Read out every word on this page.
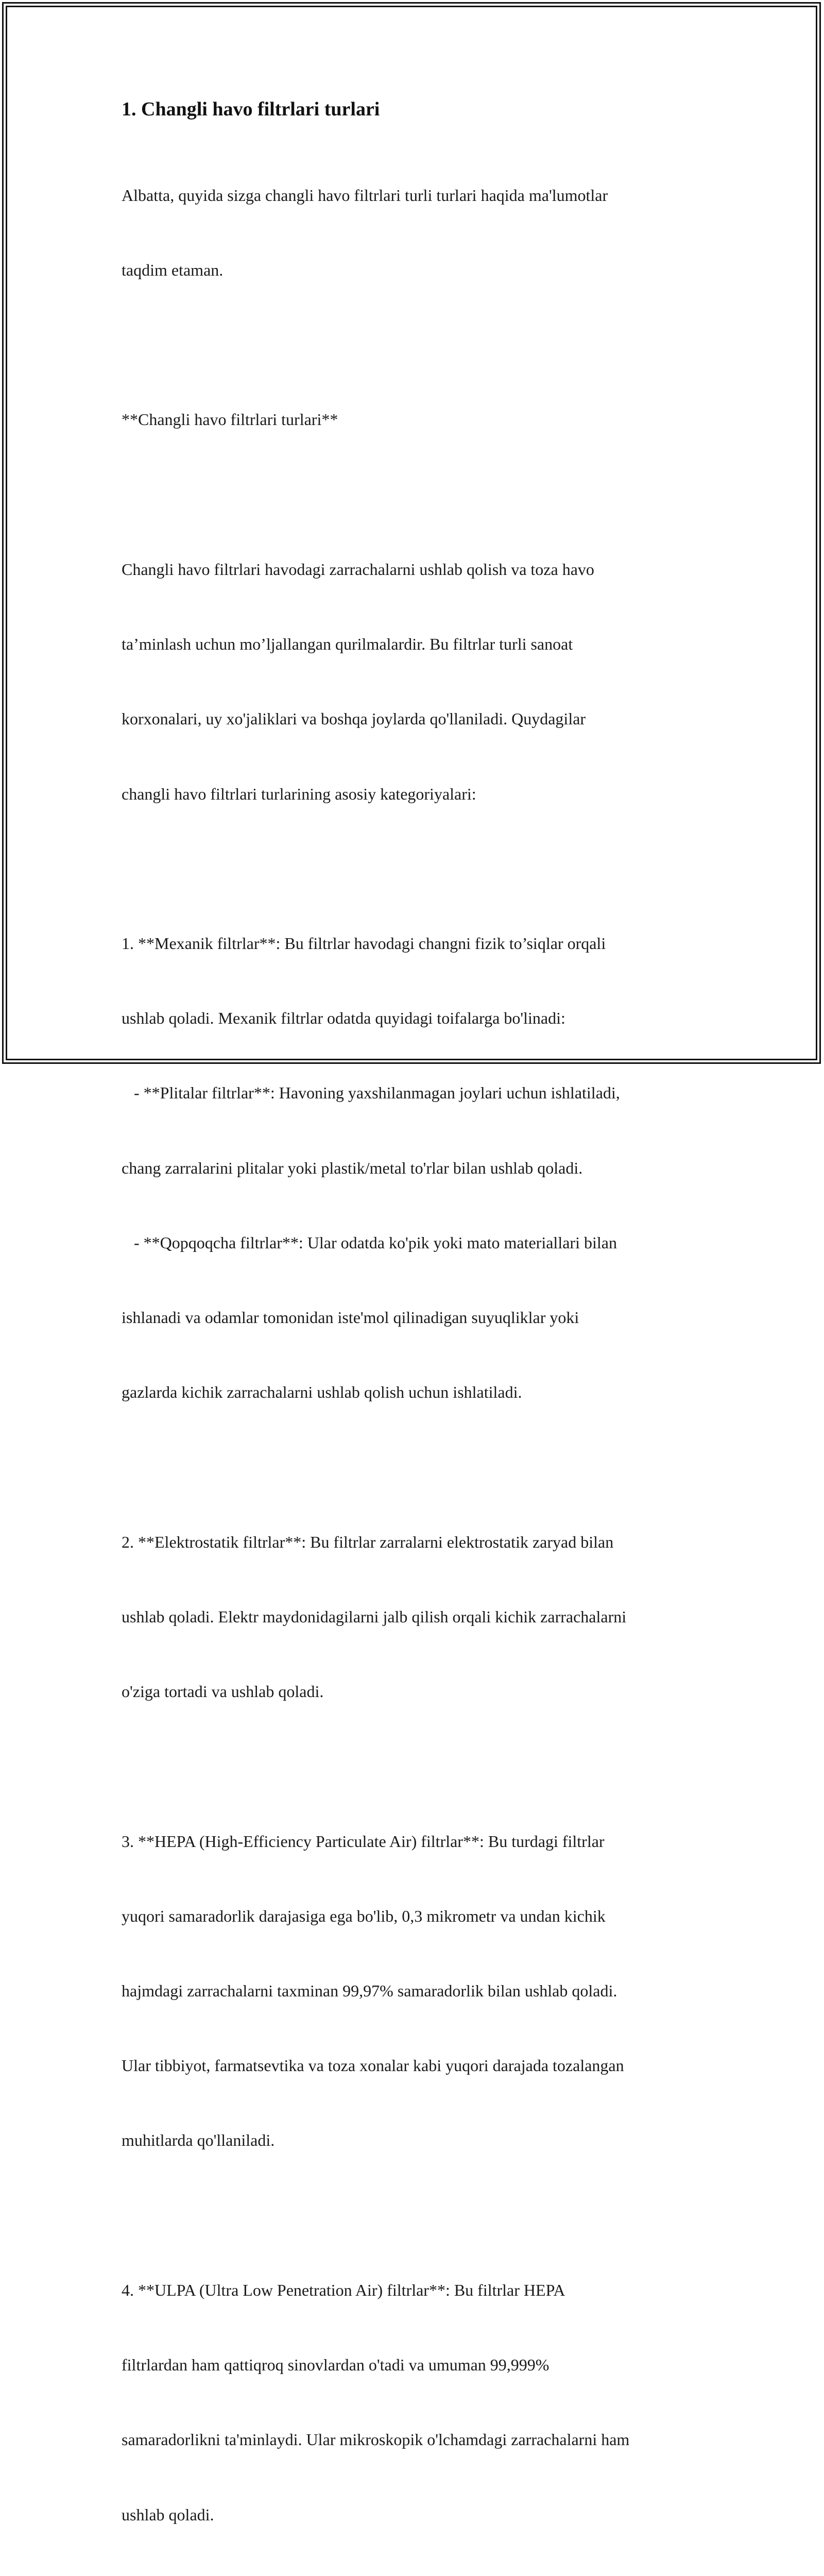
1. Changli havo filtrlari turlari

Albatta, quyida sizga changli havo filtrlari turli turlari haqida ma'lumotlar

taqdim etaman.

**Changli havo filtrlari turlari**

Changli havo filtrlari havodagi zarrachalarni ushlab qolish va toza havo

ta’minlash uchun mo’ljallangan qurilmalardir. Bu filtrlar turli sanoat

korxonalari, uy xo'jaliklari va boshqa joylarda qo'llaniladi. Quydagilar

changli havo filtrlari turlarining asosiy kategoriyalari:

1. **Mexanik filtrlar**: Bu filtrlar havodagi changni fizik to’siqlar orqali

ushlab qoladi. Mexanik filtrlar odatda quyidagi toifalarga bo'linadi:

- **Plitalar filtrlar**: Havoning yaxshilanmagan joylari uchun ishlatiladi,

chang zarralarini plitalar yoki plastik/metal to'rlar bilan ushlab qoladi.

- **Qopqoqcha filtrlar**: Ular odatda ko'pik yoki mato materiallari bilan

ishlanadi va odamlar tomonidan iste'mol qilinadigan suyuqliklar yoki

gazlarda kichik zarrachalarni ushlab qolish uchun ishlatiladi.

2. **Elektrostatik filtrlar**: Bu filtrlar zarralarni elektrostatik zaryad bilan

ushlab qoladi. Elektr maydonidagilarni jalb qilish orqali kichik zarrachalarni

o'ziga tortadi va ushlab qoladi.

3. **HEPA (High-Efficiency Particulate Air) filtrlar**: Bu turdagi filtrlar

yuqori samaradorlik darajasiga ega bo'lib, 0,3 mikrometr va undan kichik

hajmdagi zarrachalarni taxminan 99,97% samaradorlik bilan ushlab qoladi.

Ular tibbiyot, farmatsevtika va toza xonalar kabi yuqori darajada tozalangan

muhitlarda qo'llaniladi.

4. **ULPA (Ultra Low Penetration Air) filtrlar**: Bu filtrlar HEPA

filtrlardan ham qattiqroq sinovlardan o'tadi va umuman 99,999%

samaradorlikni ta'minlaydi. Ular mikroskopik o'lchamdagi zarrachalarni ham

ushlab qoladi.
